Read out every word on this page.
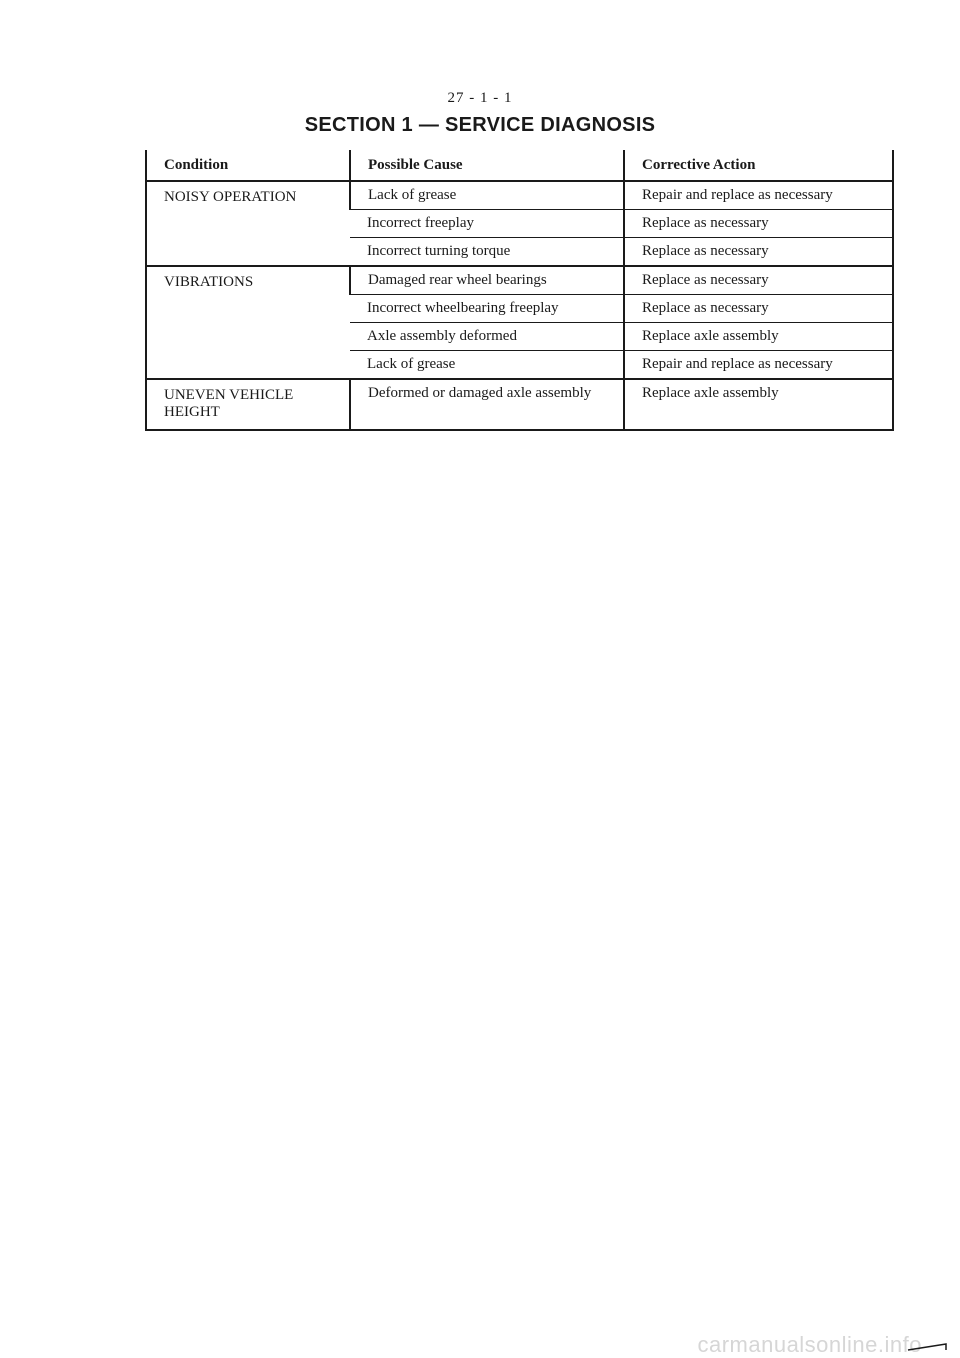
27 - 1 - 1
SECTION 1 — SERVICE DIAGNOSIS
Condition	Possible Cause	Corrective Action
NOISY OPERATION	Lack of grease	Repair and replace as necessary
	Incorrect freeplay	Replace as necessary
	Incorrect turning torque	Replace as necessary
VIBRATIONS	Damaged rear wheel bearings	Replace as necessary
	Incorrect wheelbearing freeplay	Replace as necessary
	Axle assembly deformed	Replace axle assembly
	Lack of grease	Repair and replace as necessary
UNEVEN VEHICLE HEIGHT	Deformed or damaged axle assembly	Replace axle assembly
carmanualsonline.info
